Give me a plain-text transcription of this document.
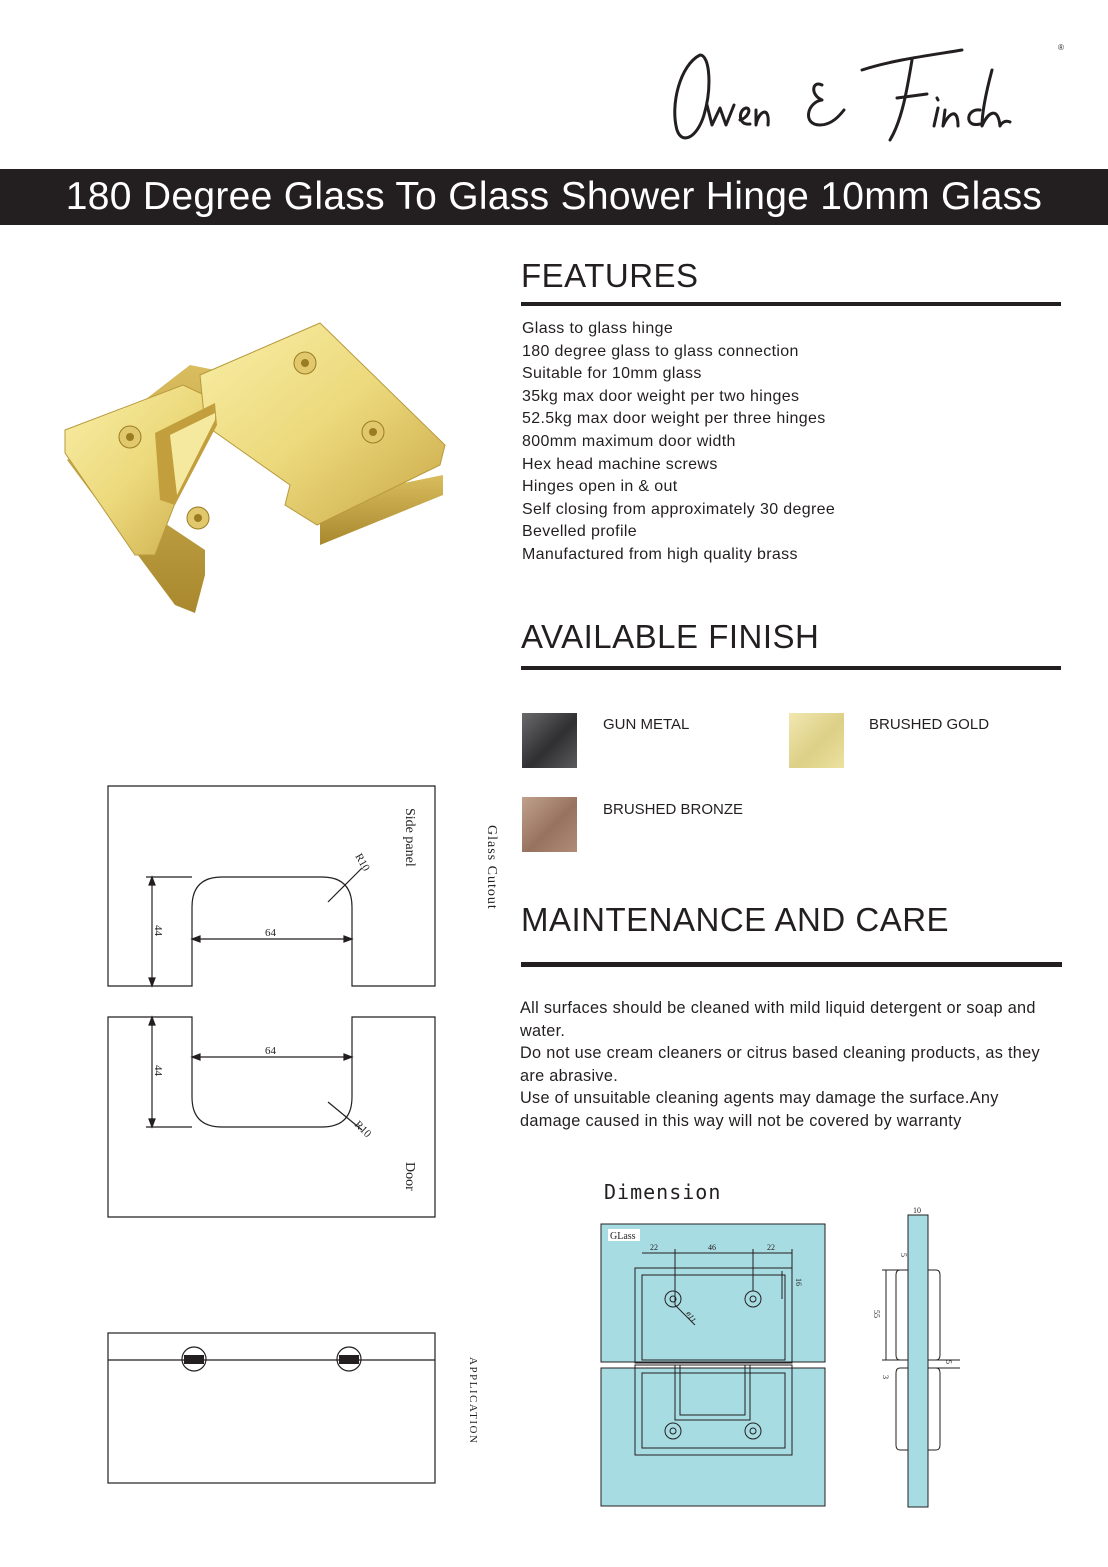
®
180 Degree Glass To Glass Shower Hinge 10mm Glass
FEATURES
Glass to glass hinge
180 degree glass to glass connection
Suitable for 10mm glass
35kg max door weight per two hinges
52.5kg max door weight per three hinges
800mm maximum door width
Hex head machine screws
Hinges open in & out
Self closing from approximately 30 degree
Bevelled profile
Manufactured from high quality brass
AVAILABLE FINISH
GUN METAL	BRUSHED GOLD
BRUSHED BRONZE
MAINTENANCE AND CARE

All surfaces should be cleaned with mild liquid detergent or soap and water.

Do not use cream cleaners or citrus based cleaning products, as they are abrasive.

Use of unsuitable cleaning agents may damage the surface.Any damage caused in this way will not be covered by warranty

64
64
44
44
R10
R10
Side panel
Door
Glass Cutout
APPLICATION
Dimension
GLass
22	46	22
16
ø11
10
5
55
3
5
